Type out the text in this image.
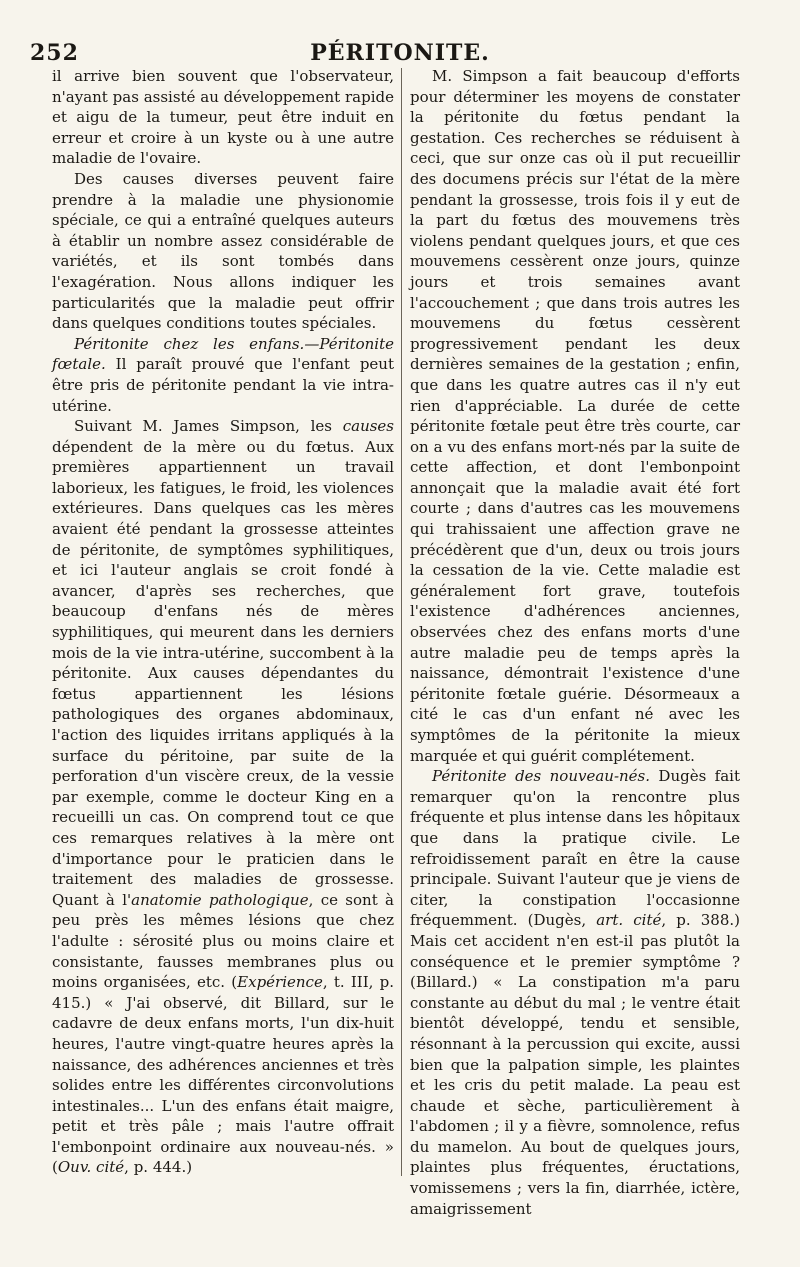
252	PÉRITONITE.

il arrive bien souvent que l'observateur, n'ayant pas assisté au développement rapide et aigu de la tumeur, peut être induit en erreur et croire à un kyste ou à une autre maladie de l'ovaire.

Des causes diverses peuvent faire prendre à la maladie une physionomie spéciale, ce qui a entraîné quelques auteurs à établir un nombre assez considérable de variétés, et ils sont tombés dans l'exagération. Nous allons indiquer les particularités que la maladie peut offrir dans quelques conditions toutes spéciales.

Péritonite chez les enfans.—Péritonite fœtale. Il paraît prouvé que l'enfant peut être pris de péritonite pendant la vie intra-utérine.

Suivant M. James Simpson, les causes dépendent de la mère ou du fœtus. Aux premières appartiennent un travail laborieux, les fatigues, le froid, les violences extérieures. Dans quelques cas les mères avaient été pendant la grossesse atteintes de péritonite, de symptômes syphilitiques, et ici l'auteur anglais se croit fondé à avancer, d'après ses recherches, que beaucoup d'enfans nés de mères syphilitiques, qui meurent dans les derniers mois de la vie intra-utérine, succombent à la péritonite. Aux causes dépendantes du fœtus appartiennent les lésions pathologiques des organes abdominaux, l'action des liquides irritans appliqués à la surface du péritoine, par suite de la perforation d'un viscère creux, de la vessie par exemple, comme le docteur King en a recueilli un cas. On comprend tout ce que ces remarques relatives à la mère ont d'importance pour le praticien dans le traitement des maladies de grossesse. Quant à l'anatomie pathologique, ce sont à peu près les mêmes lésions que chez l'adulte : sérosité plus ou moins claire et consistante, fausses membranes plus ou moins organisées, etc. (Expérience, t. III, p. 415.) « J'ai observé, dit Billard, sur le cadavre de deux enfans morts, l'un dix-huit heures, l'autre vingt-quatre heures après la naissance, des adhérences anciennes et très solides entre les différentes circonvolutions intestinales... L'un des enfans était maigre, petit et très pâle ; mais l'autre offrait l'embonpoint ordinaire aux nouveau-nés. » (Ouv. cité, p. 444.)

M. Simpson a fait beaucoup d'efforts pour déterminer les moyens de constater la péritonite du fœtus pendant la gestation. Ces recherches se réduisent à ceci, que sur onze cas où il put recueillir des documens précis sur l'état de la mère pendant la grossesse, trois fois il y eut de la part du fœtus des mouvemens très violens pendant quelques jours, et que ces mouvemens cessèrent onze jours, quinze jours et trois semaines avant l'accouchement ; que dans trois autres les mouvemens du fœtus cessèrent progressivement pendant les deux dernières semaines de la gestation ; enfin, que dans les quatre autres cas il n'y eut rien d'appréciable. La durée de cette péritonite fœtale peut être très courte, car on a vu des enfans mort-nés par la suite de cette affection, et dont l'embonpoint annonçait que la maladie avait été fort courte ; dans d'autres cas les mouvemens qui trahissaient une affection grave ne précédèrent que d'un, deux ou trois jours la cessation de la vie. Cette maladie est généralement fort grave, toutefois l'existence d'adhérences anciennes, observées chez des enfans morts d'une autre maladie peu de temps après la naissance, démontrait l'existence d'une péritonite fœtale guérie. Désormeaux a cité le cas d'un enfant né avec les symptômes de la péritonite la mieux marquée et qui guérit complétement.

Péritonite des nouveau-nés. Dugès fait remarquer qu'on la rencontre plus fréquente et plus intense dans les hôpitaux que dans la pratique civile. Le refroidissement paraît en être la cause principale. Suivant l'auteur que je viens de citer, la constipation l'occasionne fréquemment. (Dugès, art. cité, p. 388.) Mais cet accident n'en est-il pas plutôt la conséquence et le premier symptôme ? (Billard.) « La constipation m'a paru constante au début du mal ; le ventre était bientôt développé, tendu et sensible, résonnant à la percussion qui excite, aussi bien que la palpation simple, les plaintes et les cris du petit malade. La peau est chaude et sèche, particulièrement à l'abdomen ; il y a fièvre, somnolence, refus du mamelon. Au bout de quelques jours, plaintes plus fréquentes, éructations, vomissemens ; vers la fin, diarrhée, ictère, amaigrissement
